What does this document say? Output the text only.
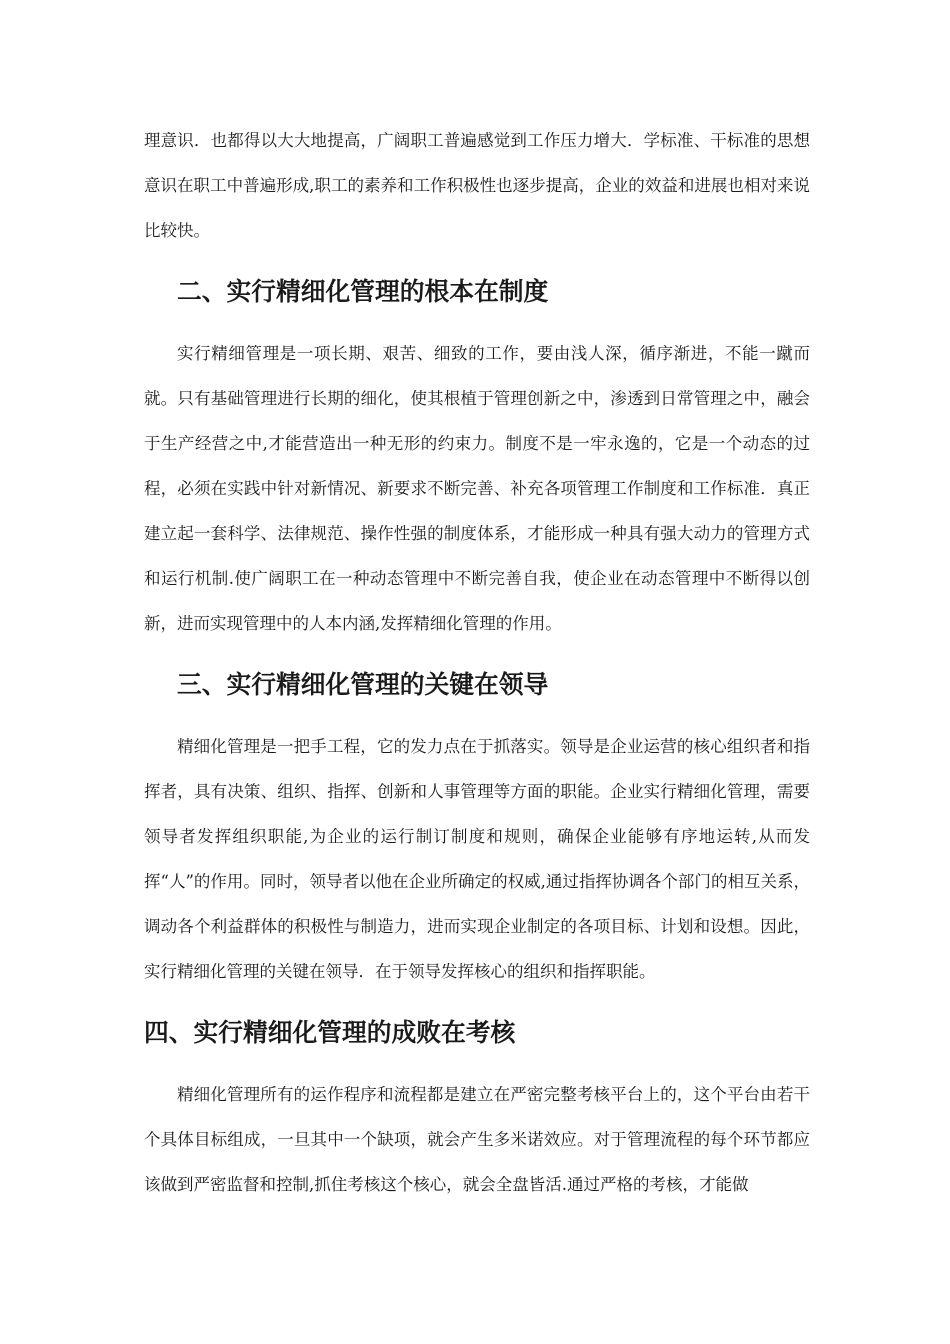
理意识．也都得以大大地提高，广阔职工普遍感觉到工作压力增大．学标准、干标准的思想意识在职工中普遍形成,职工的素养和工作积极性也逐步提高，企业的效益和进展也相对来说比较快。

二、实行精细化管理的根本在制度

实行精细管理是一项长期、艰苦、细致的工作，要由浅人深，循序渐进，不能一蹴而就。只有基础管理进行长期的细化，使其根植于管理创新之中，渗透到日常管理之中，融会于生产经营之中,才能营造出一种无形的约束力。制度不是一牢永逸的，它是一个动态的过程，必须在实践中针对新情况、新要求不断完善、补充各项管理工作制度和工作标准．真正建立起一套科学、法律规范、操作性强的制度体系，才能形成一种具有强大动力的管理方式和运行机制.使广阔职工在一种动态管理中不断完善自我，使企业在动态管理中不断得以创新，进而实现管理中的人本内涵,发挥精细化管理的作用。

三、实行精细化管理的关键在领导

精细化管理是一把手工程，它的发力点在于抓落实。领导是企业运营的核心组织者和指挥者，具有决策、组织、指挥、创新和人事管理等方面的职能。企业实行精细化管理，需要领导者发挥组织职能,为企业的运行制订制度和规则，确保企业能够有序地运转,从而发挥“人”的作用。同时，领导者以他在企业所确定的权威,通过指挥协调各个部门的相互关系，调动各个利益群体的积极性与制造力，进而实现企业制定的各项目标、计划和设想。因此，实行精细化管理的关键在领导．在于领导发挥核心的组织和指挥职能。

四、实行精细化管理的成败在考核

精细化管理所有的运作程序和流程都是建立在严密完整考核平台上的，这个平台由若干个具体目标组成，一旦其中一个缺项，就会产生多米诺效应。对于管理流程的每个环节都应该做到严密监督和控制,抓住考核这个核心，就会全盘皆活.通过严格的考核，才能做
